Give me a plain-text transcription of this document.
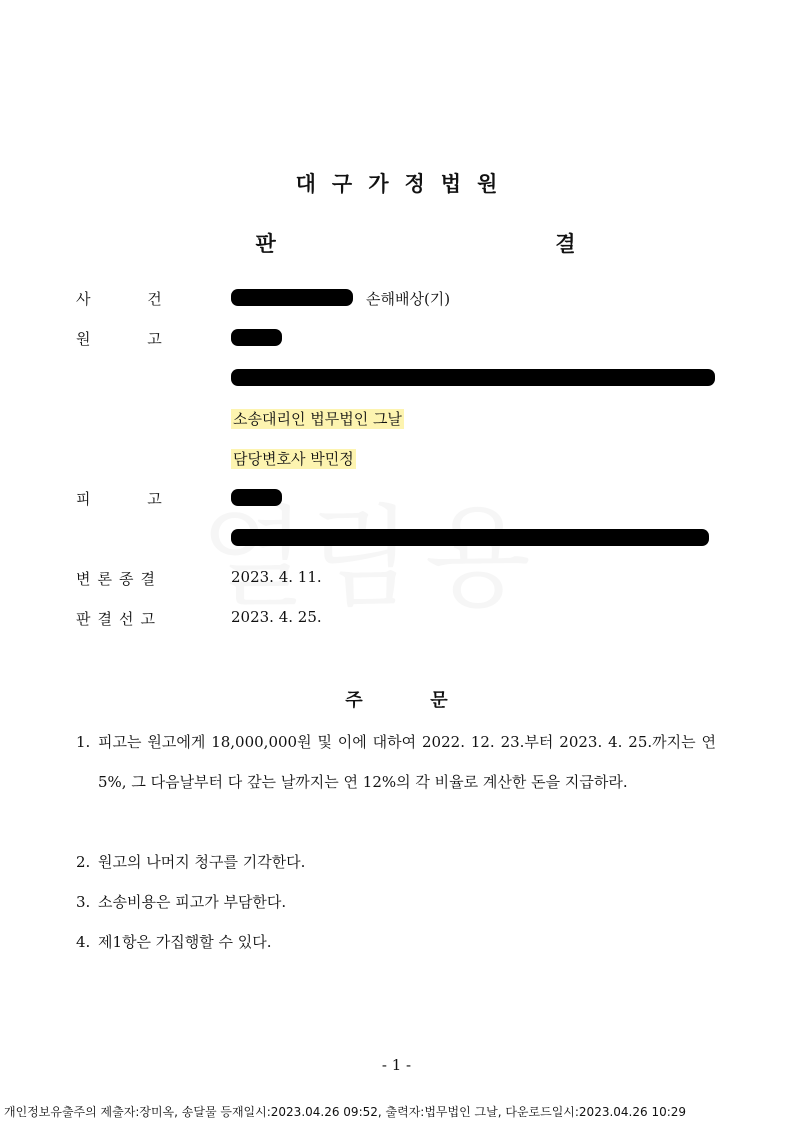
대구가정법원
판	결
사 건	손해배상(기)
원 고
소송대리인 법무법인 그날
담당변호사 박민정
피 고
변론종결	2023. 4. 11.
판결선고	2023. 4. 25.
주	문
1. 피고는 원고에게 18,000,000원 및 이에 대하여 2022. 12. 23.부터 2023. 4. 25.까지는 연 5%, 그 다음날부터 다 갚는 날까지는 연 12%의 각 비율로 계산한 돈을 지급하라.
2. 원고의 나머지 청구를 기각한다.
3. 소송비용은 피고가 부담한다.
4. 제1항은 가집행할 수 있다.
- 1 -
개인정보유출주의 제출자:장미옥, 송달물 등재일시:2023.04.26 09:52, 출력자:법무법인 그날, 다운로드일시:2023.04.26 10:29
